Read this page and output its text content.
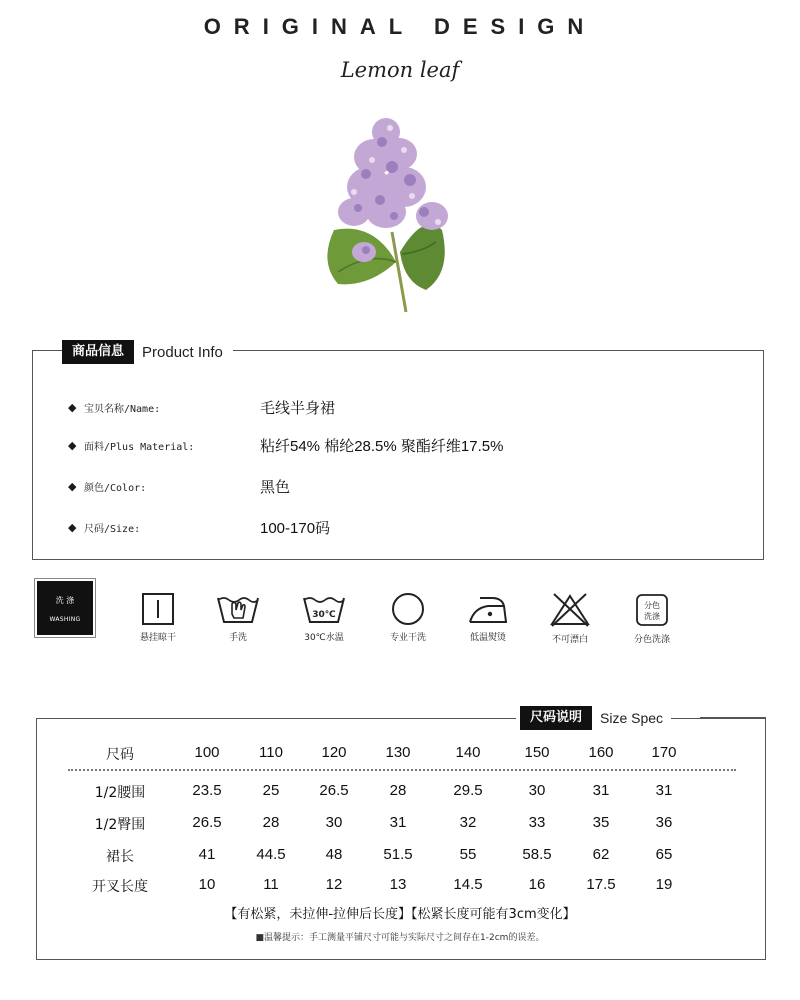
ORIGINAL DESIGN
Lemon leaf
商品信息	Product Info
◆ 宝贝名称/Name:	毛线半身裙
◆ 面料/Plus Material:	粘纤54% 棉纶28.5% 聚酯纤维17.5%
◆ 颜色/Color:	黑色
◆ 尺码/Size:	100-170码
洗 涤
WASHING
悬挂晾干	手洗
30℃
30℃水温	专业干洗	低温熨烫	不可漂白
分色
洗涤
分色洗涤
尺码说明	Size Spec
尺码	100	110	120	130	140	150	160	170
1/2腰围	23.5	25	26.5	28	29.5	30	31	31
1/2臀围	26.5	28	30	31	32	33	35	36
裙长	41	44.5	48	51.5	55	58.5	62	65
开叉长度	10	11	12	13	14.5	16	17.5	19
【有松紧，未拉伸-拉伸后长度】【松紧长度可能有3cm变化】
■温馨提示：手工测量平铺尺寸可能与实际尺寸之间存在1-2cm的误差。
